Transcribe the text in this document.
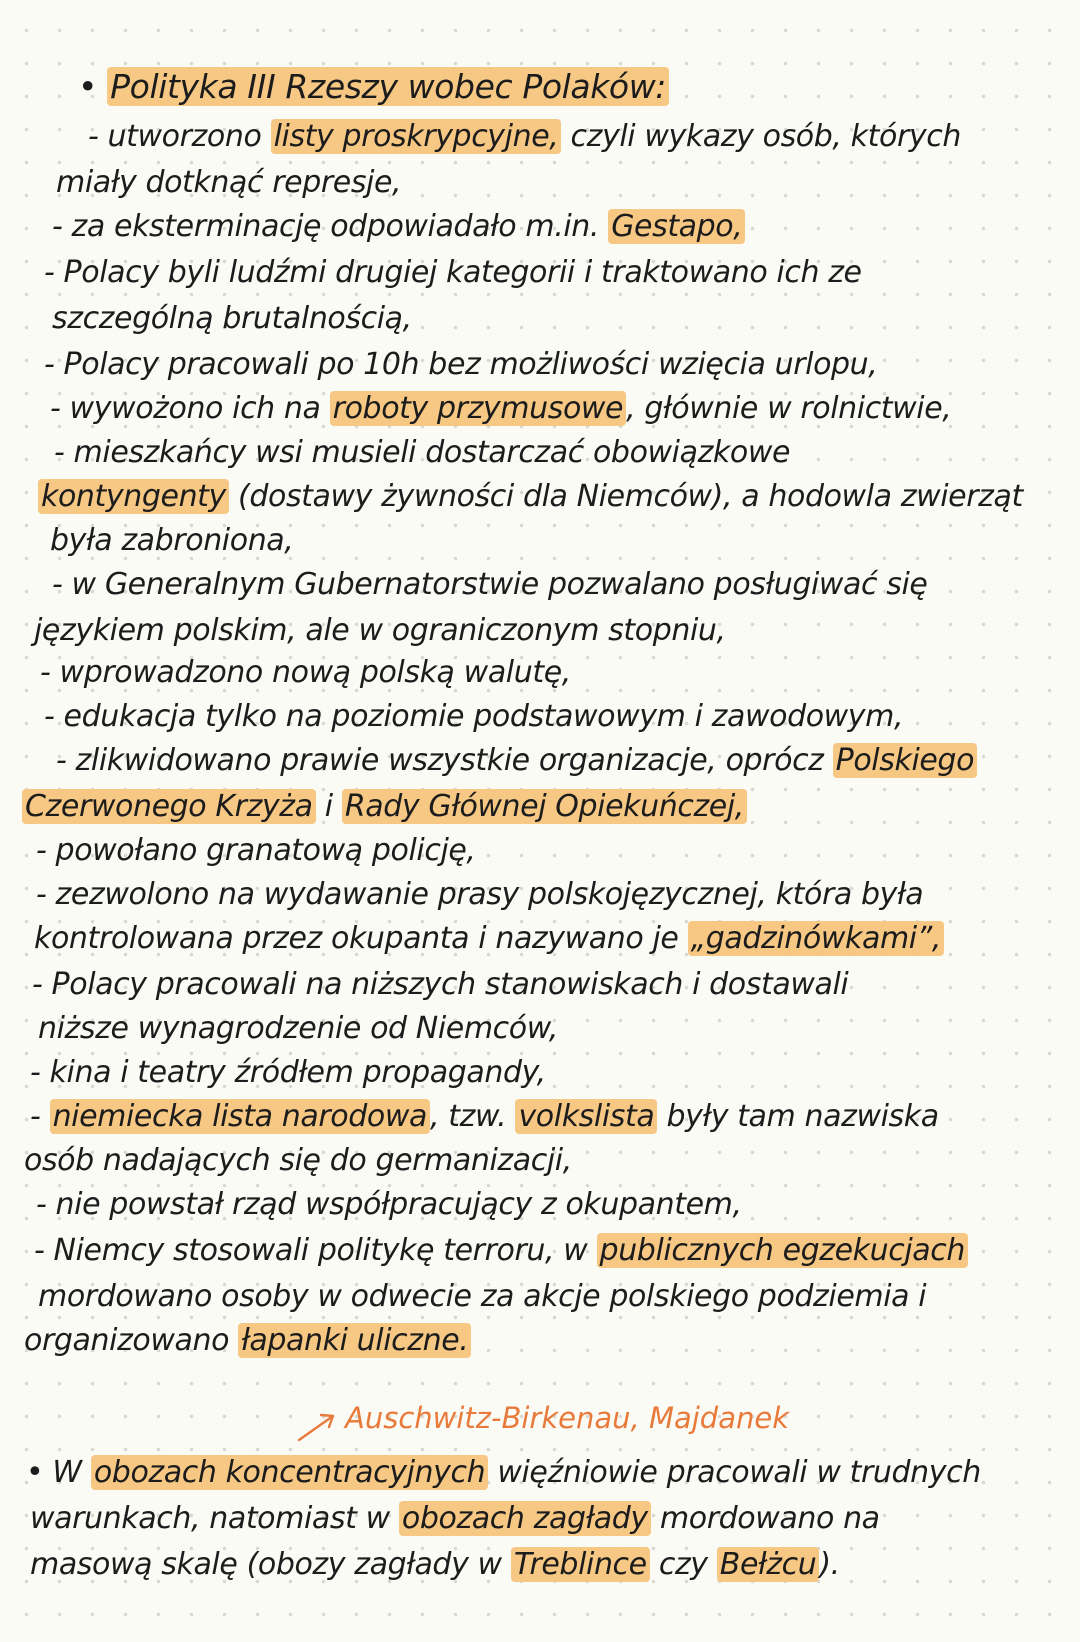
• Polityka III Rzeszy wobec Polaków:
- utworzono listy proskrypcyjne, czyli wykazy osób, których
miały dotknąć represje,
- za eksterminację odpowiadało m.in. Gestapo,
- Polacy byli ludźmi drugiej kategorii i traktowano ich ze
szczególną brutalnością,
- Polacy pracowali po 10h bez możliwości wzięcia urlopu,
- wywożono ich na roboty przymusowe , głównie w rolnictwie,
- mieszkańcy wsi musieli dostarczać obowiązkowe
kontyngenty (dostawy żywności dla Niemców), a hodowla zwierząt
była zabroniona,
- w Generalnym Gubernatorstwie pozwalano posługiwać się
językiem polskim, ale w ograniczonym stopniu,
- wprowadzono nową polską walutę,
- edukacja tylko na poziomie podstawowym i zawodowym,
- zlikwidowano prawie wszystkie organizacje, oprócz Polskiego
Czerwonego Krzyża i Rady Głównej Opiekuńczej,
- powołano granatową policję,
- zezwolono na wydawanie prasy polskojęzycznej, która była
kontrolowana przez okupanta i nazywano je „gadzinówkami”,
- Polacy pracowali na niższych stanowiskach i dostawali
niższe wynagrodzenie od Niemców,
- kina i teatry źródłem propagandy,
- niemiecka lista narodowa , tzw. volkslista były tam nazwiska
osób nadających się do germanizacji,
- nie powstał rząd współpracujący z okupantem,
- Niemcy stosowali politykę terroru, w publicznych egzekucjach
mordowano osoby w odwecie za akcje polskiego podziemia i
organizowano łapanki uliczne.
Auschwitz-Birkenau, Majdanek
• W obozach koncentracyjnych więźniowie pracowali w trudnych
warunkach, natomiast w obozach zagłady mordowano na
masową skalę (obozy zagłady w Treblince czy Bełżcu ).
